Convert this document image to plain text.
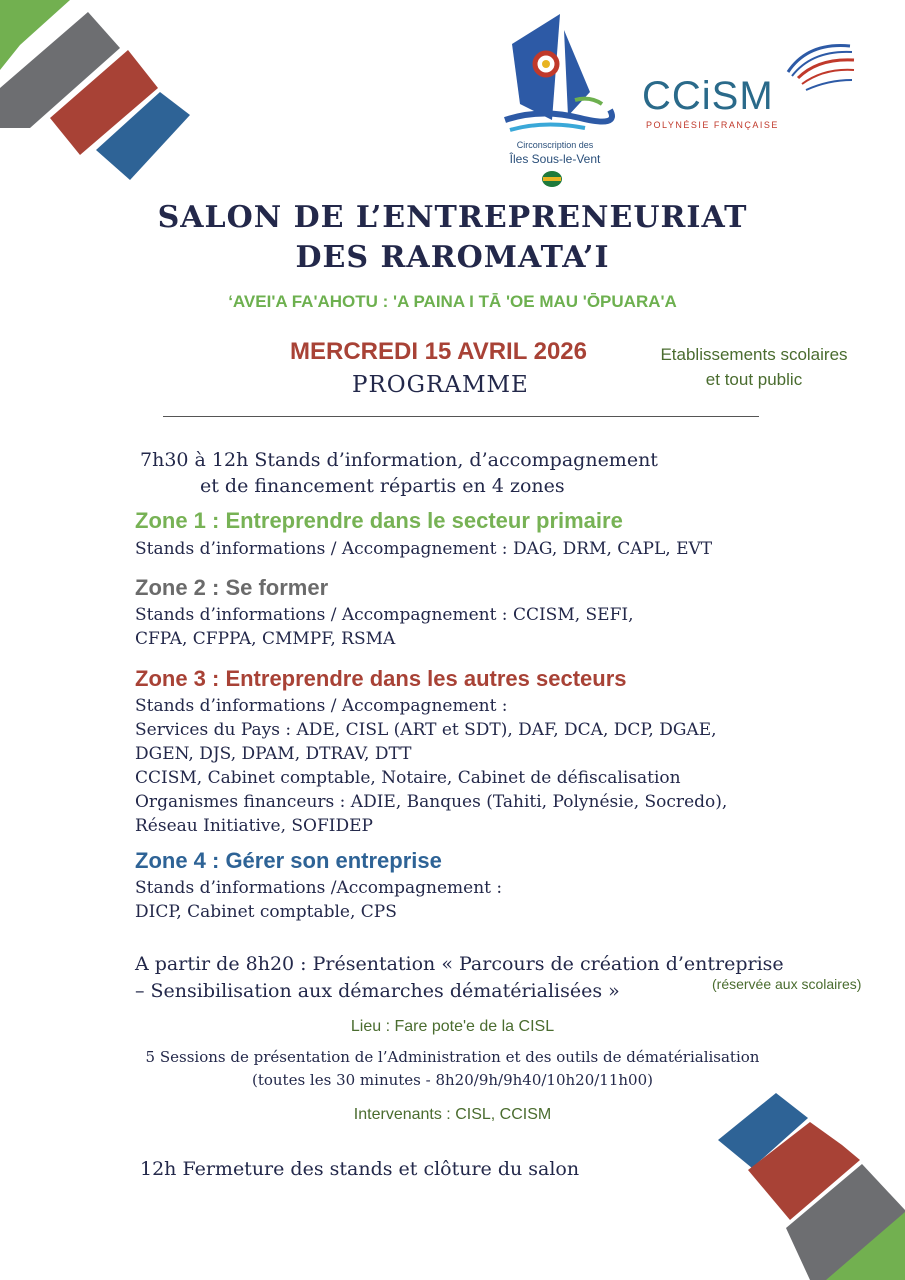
Circonscription des
Îles Sous-le-Vent
CCiSM
POLYNÉSIE FRANÇAISE
SALON DE L’ENTREPRENEURIAT
DES RAROMATA’I
‘AVEI'A FA'AHOTU : 'A PAINA I TĀ 'OE MAU 'ŌPUARA'A
MERCREDI 15 AVRIL 2026
PROGRAMME
Etablissements scolaires
et tout public
7h30 à 12h Stands d’information, d’accompagnement
et de financement répartis en 4 zones
Zone 1 : Entreprendre dans le secteur primaire
Stands d’informations / Accompagnement : DAG, DRM, CAPL, EVT
Zone 2 : Se former
Stands d’informations / Accompagnement : CCISM, SEFI,
CFPA, CFPPA, CMMPF, RSMA
Zone 3 : Entreprendre dans les autres secteurs
Stands d’informations / Accompagnement :
Services du Pays : ADE, CISL (ART et SDT), DAF, DCA, DCP, DGAE,
DGEN, DJS, DPAM, DTRAV, DTT
CCISM, Cabinet comptable, Notaire, Cabinet de défiscalisation
Organismes financeurs : ADIE, Banques (Tahiti, Polynésie, Socredo),
Réseau Initiative, SOFIDEP
Zone 4 : Gérer son entreprise
Stands d’informations /Accompagnement :
DICP, Cabinet comptable, CPS
A partir de 8h20 : Présentation « Parcours de création d’entreprise
– Sensibilisation aux démarches dématérialisées »	(réservée aux scolaires)
Lieu : Fare pote'e de la CISL
5 Sessions de présentation de l’Administration et des outils de dématérialisation
(toutes les 30 minutes - 8h20/9h/9h40/10h20/11h00)
Intervenants : CISL, CCISM
12h Fermeture des stands et clôture du salon
